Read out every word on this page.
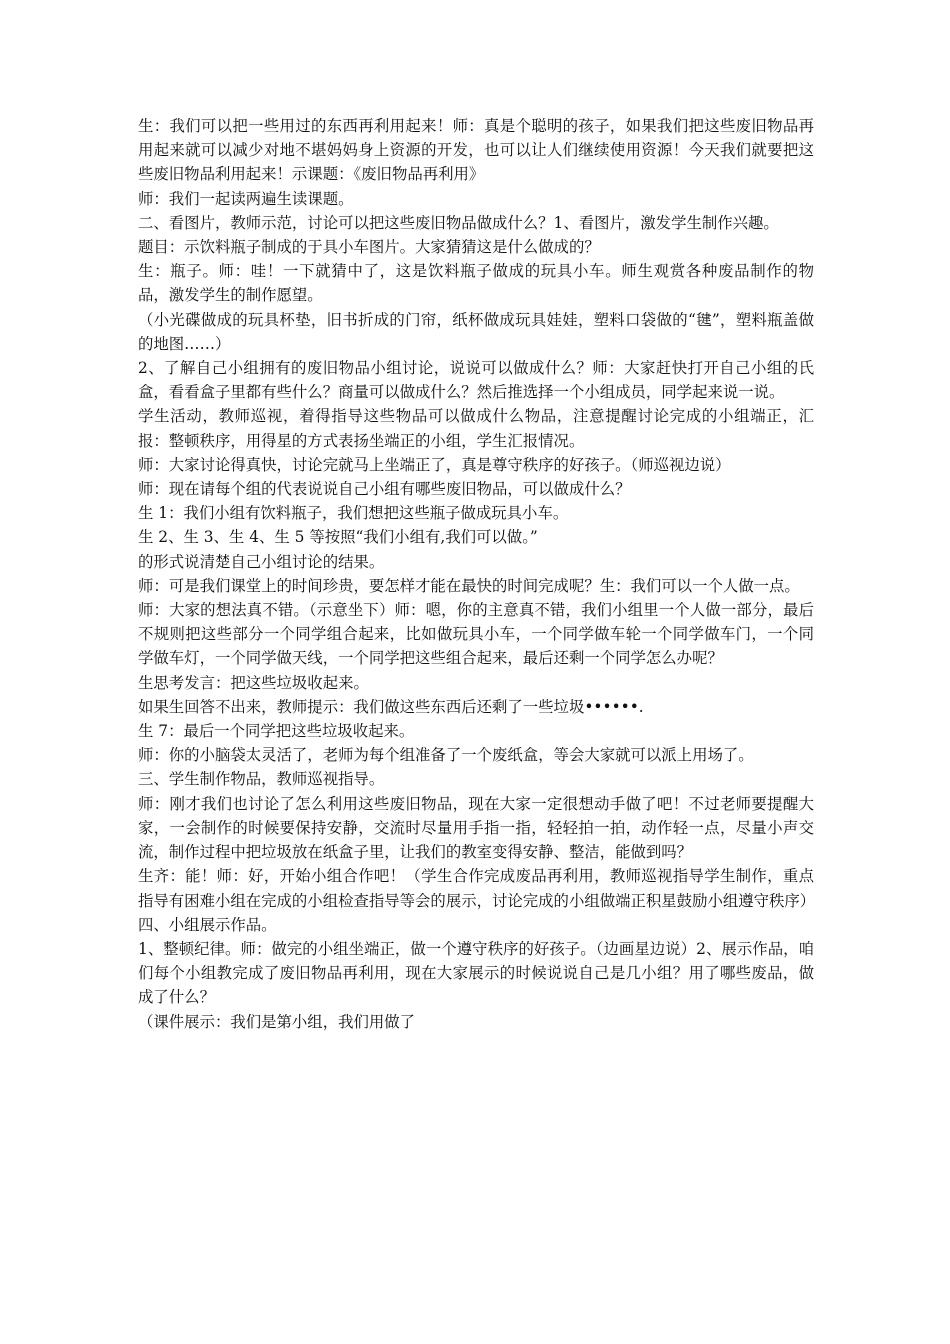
生：我们可以把一些用过的东西再利用起来！师：真是个聪明的孩子，如果我们把这些废旧物品再用起来就可以减少对地不堪妈妈身上资源的开发，也可以让人们继续使用资源！今天我们就要把这些废旧物品利用起来！示课题：《废旧物品再利用》

师：我们一起读两遍生读课题。

二、看图片，教师示范，讨论可以把这些废旧物品做成什么？1、看图片，激发学生制作兴趣。

题目：示饮料瓶子制成的于具小车图片。大家猜猜这是什么做成的？

生：瓶子。师：哇！一下就猜中了，这是饮料瓶子做成的玩具小车。师生观赏各种废品制作的物品，激发学生的制作愿望。

（小光碟做成的玩具杯垫，旧书折成的门帘，纸杯做成玩具娃娃，塑料口袋做的“毽”，塑料瓶盖做的地图……）

2、了解自己小组拥有的废旧物品小组讨论，说说可以做成什么？师：大家赶快打开自己小组的氏盒，看看盒子里都有些什么？商量可以做成什么？然后推选择一个小组成员，同学起来说一说。

学生活动，教师巡视，着得指导这些物品可以做成什么物品，注意提醒讨论完成的小组端正，汇报：整顿秩序，用得星的方式表扬坐端正的小组，学生汇报情况。

师：大家讨论得真快，讨论完就马上坐端正了，真是尊守秩序的好孩子。（师巡视边说）

师：现在请每个组的代表说说自己小组有哪些废旧物品，可以做成什么？

生 1：我们小组有饮料瓶子，我们想把这些瓶子做成玩具小车。

生 2、生 3、生 4、生 5 等按照“我们小组有,我们可以做。”

的形式说清楚自己小组讨论的结果。

师：可是我们课堂上的时间珍贵，要怎样才能在最快的时间完成呢？生：我们可以一个人做一点。

师：大家的想法真不错。（示意坐下）师：嗯，你的主意真不错，我们小组里一个人做一部分，最后不规则把这些部分一个同学组合起来，比如做玩具小车，一个同学做车轮一个同学做车门，一个同学做车灯，一个同学做天线，一个同学把这些组合起来，最后还剩一个同学怎么办呢？

生思考发言：把这些垃圾收起来。

如果生回答不出来，教师提示：我们做这些东西后还剩了一些垃圾••••••.

生 7：最后一个同学把这些垃圾收起来。

师：你的小脑袋太灵活了，老师为每个组准备了一个废纸盒，等会大家就可以派上用场了。

三、学生制作物品，教师巡视指导。

师：刚才我们也讨论了怎么利用这些废旧物品，现在大家一定很想动手做了吧！不过老师要提醒大家，一会制作的时候要保持安静，交流时尽量用手指一指，轻轻拍一拍，动作轻一点，尽量小声交流，制作过程中把垃圾放在纸盒子里，让我们的教室变得安静、整洁，能做到吗？

生齐：能！师：好，开始小组合作吧！（学生合作完成废品再利用，教师巡视指导学生制作，重点指导有困难小组在完成的小组检查指导等会的展示，讨论完成的小组做端正积星鼓励小组遵守秩序）

四、小组展示作品。

1、整顿纪律。师：做完的小组坐端正，做一个遵守秩序的好孩子。（边画星边说）2、展示作品，咱们每个小组教完成了废旧物品再利用，现在大家展示的时候说说自己是几小组？用了哪些废品，做成了什么？

（课件展示：我们是第小组，我们用做了
